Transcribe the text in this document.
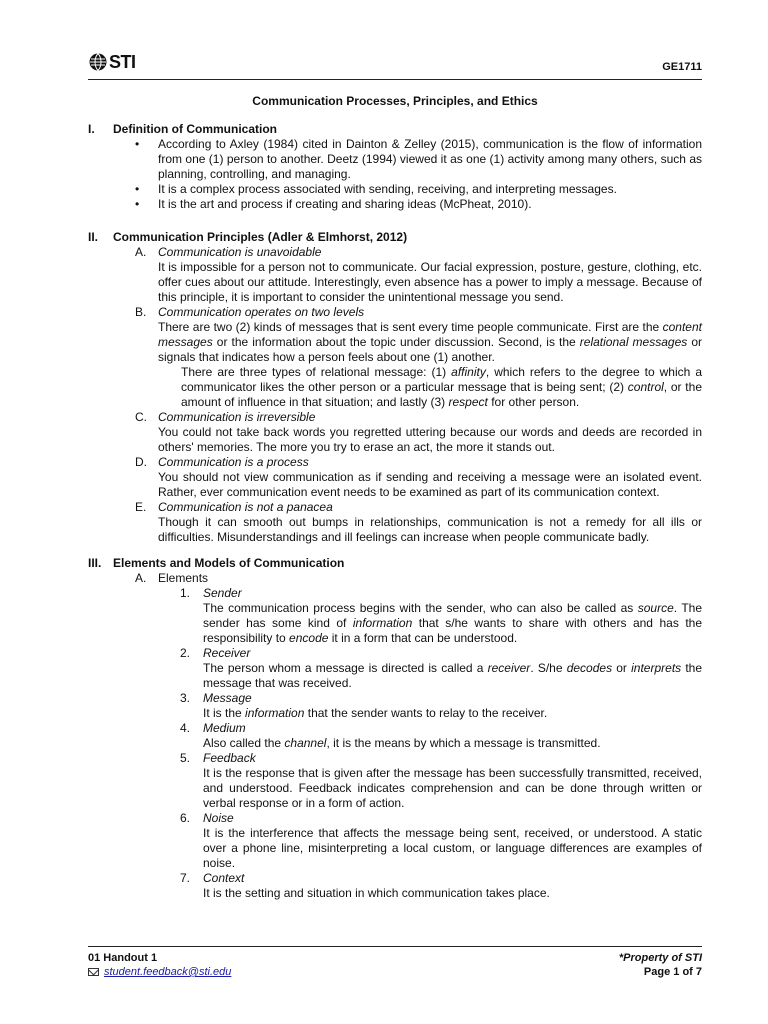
STI	GE1711
Communication Processes, Principles, and Ethics
I.	Definition of Communication
• According to Axley (1984) cited in Dainton & Zelley (2015), communication is the flow of information from one (1) person to another. Deetz (1994) viewed it as one (1) activity among many others, such as planning, controlling, and managing.
• It is a complex process associated with sending, receiving, and interpreting messages.
• It is the art and process if creating and sharing ideas (McPheat, 2010).
II.	Communication Principles (Adler & Elmhorst, 2012)
A. Communication is unavoidable
It is impossible for a person not to communicate. Our facial expression, posture, gesture, clothing, etc. offer cues about our attitude. Interestingly, even absence has a power to imply a message. Because of this principle, it is important to consider the unintentional message you send.
B. Communication operates on two levels
There are two (2) kinds of messages that is sent every time people communicate. First are the content messages or the information about the topic under discussion. Second, is the relational messages or signals that indicates how a person feels about one (1) another.
There are three types of relational message: (1) affinity, which refers to the degree to which a communicator likes the other person or a particular message that is being sent; (2) control, or the amount of influence in that situation; and lastly (3) respect for other person.
C. Communication is irreversible
You could not take back words you regretted uttering because our words and deeds are recorded in others' memories. The more you try to erase an act, the more it stands out.
D. Communication is a process
You should not view communication as if sending and receiving a message were an isolated event. Rather, ever communication event needs to be examined as part of its communication context.
E. Communication is not a panacea
Though it can smooth out bumps in relationships, communication is not a remedy for all ills or difficulties. Misunderstandings and ill feelings can increase when people communicate badly.
III. Elements and Models of Communication
A. Elements
1. Sender
The communication process begins with the sender, who can also be called as source. The sender has some kind of information that s/he wants to share with others and has the responsibility to encode it in a form that can be understood.
2. Receiver
The person whom a message is directed is called a receiver. S/he decodes or interprets the message that was received.
3. Message
It is the information that the sender wants to relay to the receiver.
4. Medium
Also called the channel, it is the means by which a message is transmitted.
5. Feedback
It is the response that is given after the message has been successfully transmitted, received, and understood. Feedback indicates comprehension and can be done through written or verbal response or in a form of action.
6. Noise
It is the interference that affects the message being sent, received, or understood. A static over a phone line, misinterpreting a local custom, or language differences are examples of noise.
7. Context
It is the setting and situation in which communication takes place.
01 Handout 1
student.feedback@sti.edu
*Property of STI
Page 1 of 7
